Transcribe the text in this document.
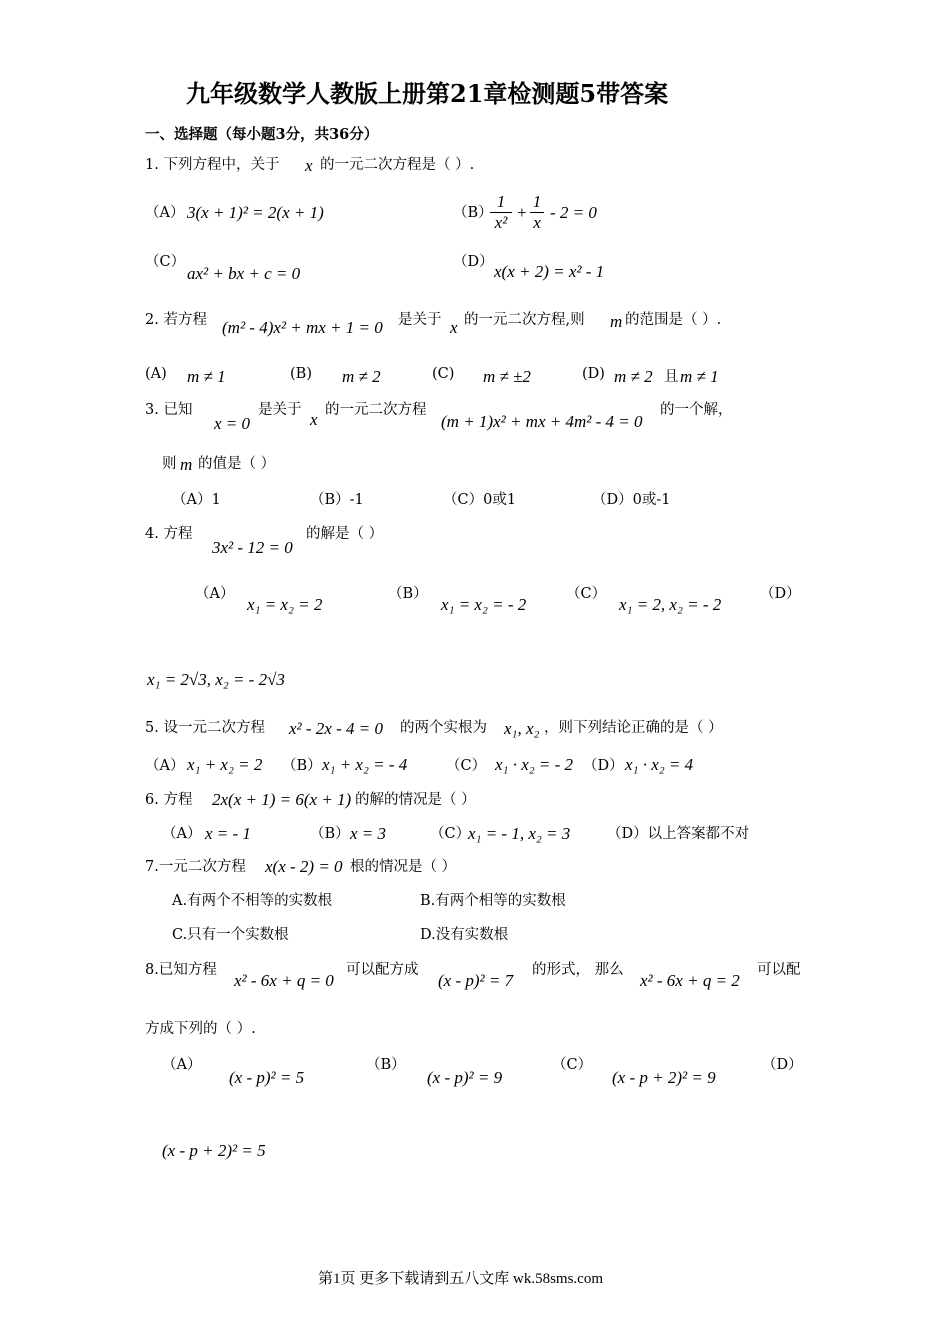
九年级数学人教版上册第21章检测题5带答案
一、选择题（每小题3分，共36分）
1. 下列方程中，关于 x 的一元二次方程是（ ）.
（A） 3(x + 1)² = 2(x + 1)	（B）
$\frac{1}{\text{x²}} + \frac{1}{x} - 2 = 0$
（C）
ax² + bx + c = 0
（D） x(x + 2) = x² - 1
2. 若方程 (m² - 4)x² + mx + 1 = 0 是关于 x 的一元二次方程,则 m 的范围是（ ）.
(A) m ≠ 1	(B) m ≠ 2	(C) m ≠ ±2	(D) m ≠ 2 且 m ≠ 1
3. 已知
x = 0
是关于 x 的一元二次方程
(m + 1)x² + mx + 4m² - 4 = 0
的一个解，
则 m 的值是（ ）
（A）1	（B）-1	（C）0或1	（D）0或-1
4. 方程
3x² - 12 = 0
的解是（ ）
（A）
x₁ = x₂ = 2
（B）
x₁ = x₂ = - 2
（C）
x₁ = 2, x₂ = - 2
（D）
x₁ = 2√3, x₂ = - 2√3
5. 设一元二次方程 x² - 2x - 4 = 0 的两个实根为 x₁, x₂ ，则下列结论正确的是（ ）
（A） x₁ + x₂ = 2 （B） x₁ + x₂ = - 4	（C） x₁ · x₂ = - 2 （D） x₁ · x₂ = 4
6. 方程 2x(x + 1) = 6(x + 1) 的解的情况是（ ）
（A） x = - 1	（B） x = 3	（C）
x₁ = - 1, x₂ = 3	（D）以上答案都不对
7.一元二次方程 x(x - 2) = 0 根的情况是（ ）
A.有两个不相等的实数根	B.有两个相等的实数根
C.只有一个实数根	D.没有实数根
8.已知方程
x² - 6x + q = 0
可以配方成
(x - p)² = 7
的形式， 那么
x² - 6x + q = 2
可以配
方成下列的（ ）.
（A）
(x - p)² = 5
（B）
(x - p)² = 9
（C）
(x - p + 2)² = 9
（D）
(x - p + 2)² = 5
第1页 更多下载请到五八文库 wk.58sms.com
